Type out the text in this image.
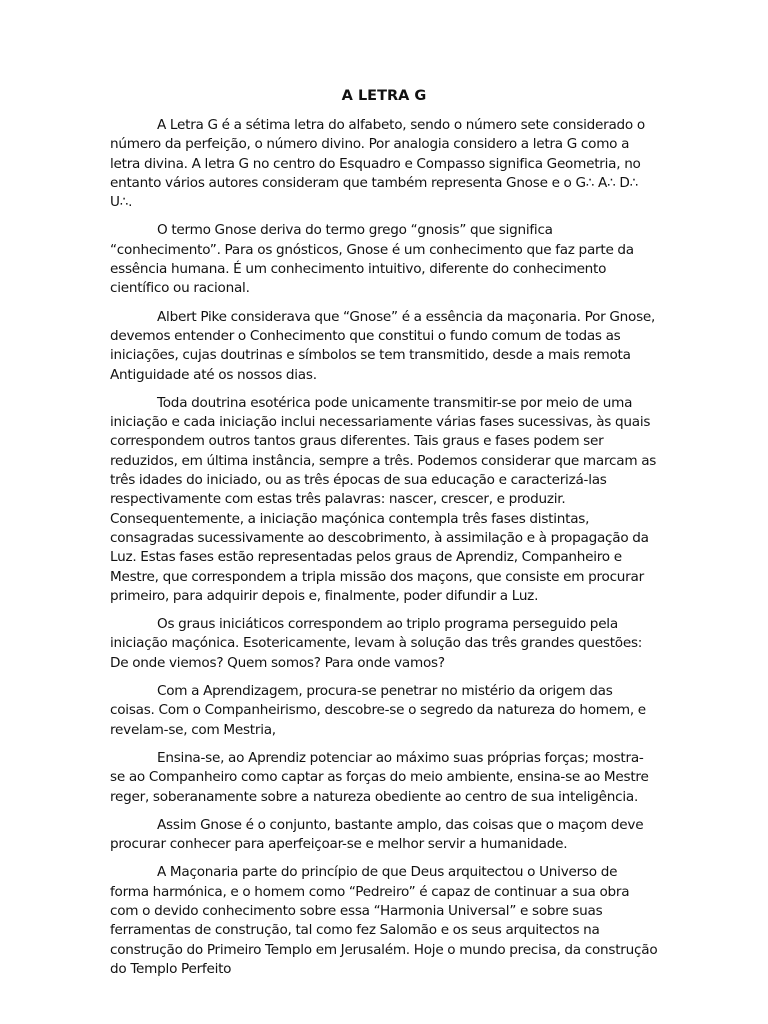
A LETRA G

A Letra G é a sétima letra do alfabeto, sendo o número sete considerado o número da perfeição, o número divino. Por analogia considero a letra G como a letra divina. A letra G no centro do Esquadro e Compasso significa Geometria, no entanto vários autores consideram que também representa Gnose e o G∴ A∴ D∴ U∴.

O termo Gnose deriva do termo grego “gnosis” que significa “conhecimento”. Para os gnósticos, Gnose é um conhecimento que faz parte da essência humana. É um conhecimento intuitivo, diferente do conhecimento científico ou racional.

Albert Pike considerava que “Gnose” é a essência da maçonaria. Por Gnose, devemos entender o Conhecimento que constitui o fundo comum de todas as iniciações, cujas doutrinas e símbolos se tem transmitido, desde a mais remota Antiguidade até os nossos dias.

Toda doutrina esotérica pode unicamente transmitir-se por meio de uma iniciação e cada iniciação inclui necessariamente várias fases sucessivas, às quais correspondem outros tantos graus diferentes. Tais graus e fases podem ser reduzidos, em última instância, sempre a três. Podemos considerar que marcam as três idades do iniciado, ou as três épocas de sua educação e caracterizá-las respectivamente com estas três palavras: nascer, crescer, e produzir. Consequentemente, a iniciação maçónica contempla três fases distintas, consagradas sucessivamente ao descobrimento, à assimilação e à propagação da Luz. Estas fases estão representadas pelos graus de Aprendiz, Companheiro e Mestre, que correspondem a tripla missão dos maçons, que consiste em procurar primeiro, para adquirir depois e, finalmente, poder difundir a Luz.

Os graus iniciáticos correspondem ao triplo programa perseguido pela iniciação maçónica. Esotericamente, levam à solução das três grandes questões: De onde viemos? Quem somos? Para onde vamos?

Com a Aprendizagem, procura-se penetrar no mistério da origem das coisas. Com o Companheirismo, descobre-se o segredo da natureza do homem, e revelam-se, com Mestria,

Ensina-se, ao Aprendiz potenciar ao máximo suas próprias forças; mostra-se ao Companheiro como captar as forças do meio ambiente, ensina-se ao Mestre reger, soberanamente sobre a natureza obediente ao centro de sua inteligência.

Assim Gnose é o conjunto, bastante amplo, das coisas que o maçom deve procurar conhecer para aperfeiçoar-se e melhor servir a humanidade.

A Maçonaria parte do princípio de que Deus arquitectou o Universo de forma harmónica, e o homem como “Pedreiro” é capaz de continuar a sua obra com o devido conhecimento sobre essa “Harmonia Universal” e sobre suas ferramentas de construção, tal como fez Salomão e os seus arquitectos na construção do Primeiro Templo em Jerusalém. Hoje o mundo precisa, da construção do Templo Perfeito
